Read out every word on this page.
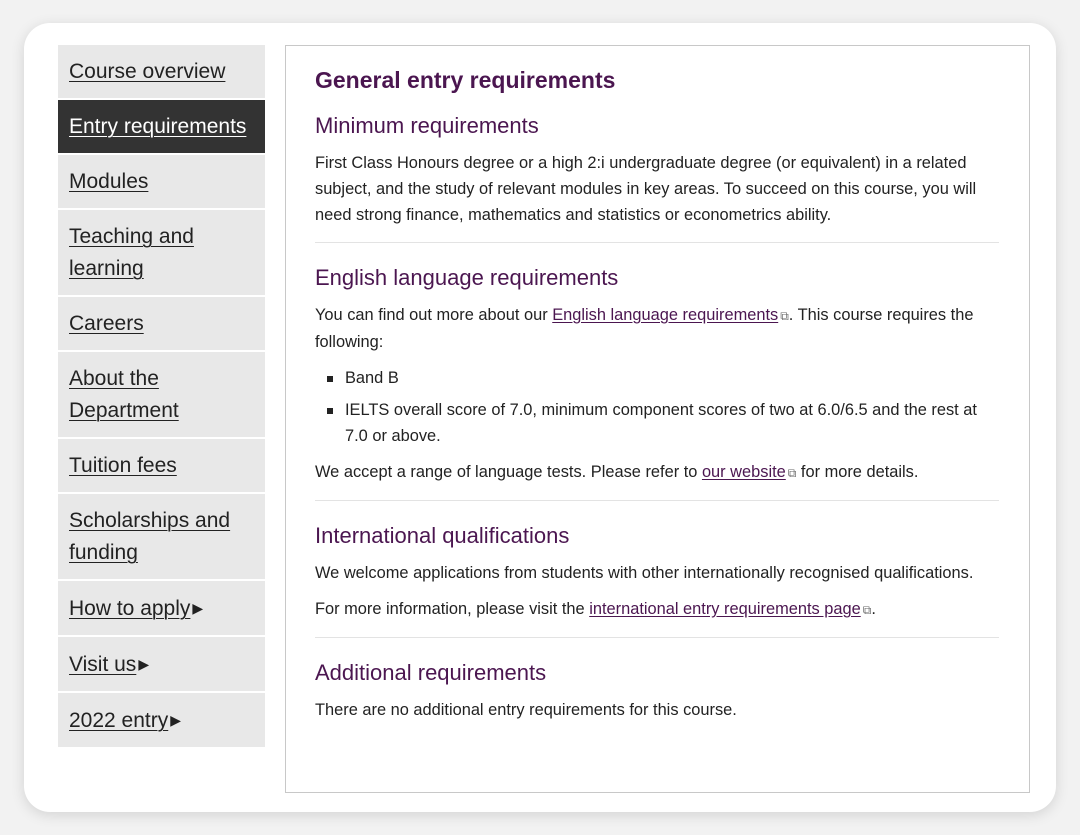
Course overview
Entry requirements
Modules
Teaching and learning
Careers
About the Department
Tuition fees
Scholarships and funding
How to apply ▶
Visit us ▶
2022 entry ▶
General entry requirements
Minimum requirements

First Class Honours degree or a high 2:i undergraduate degree (or equivalent) in a related subject, and the study of relevant modules in key areas. To succeed on this course, you will need strong finance, mathematics and statistics or econometrics ability.

English language requirements

You can find out more about our English language requirements ⧉. This course requires the following:

Band B
IELTS overall score of 7.0, minimum component scores of two at 6.0/6.5 and the rest at 7.0 or above.

We accept a range of language tests. Please refer to our website ⧉ for more details.

International qualifications

We welcome applications from students with other internationally recognised qualifications.

For more information, please visit the international entry requirements page ⧉.

Additional requirements

There are no additional entry requirements for this course.
